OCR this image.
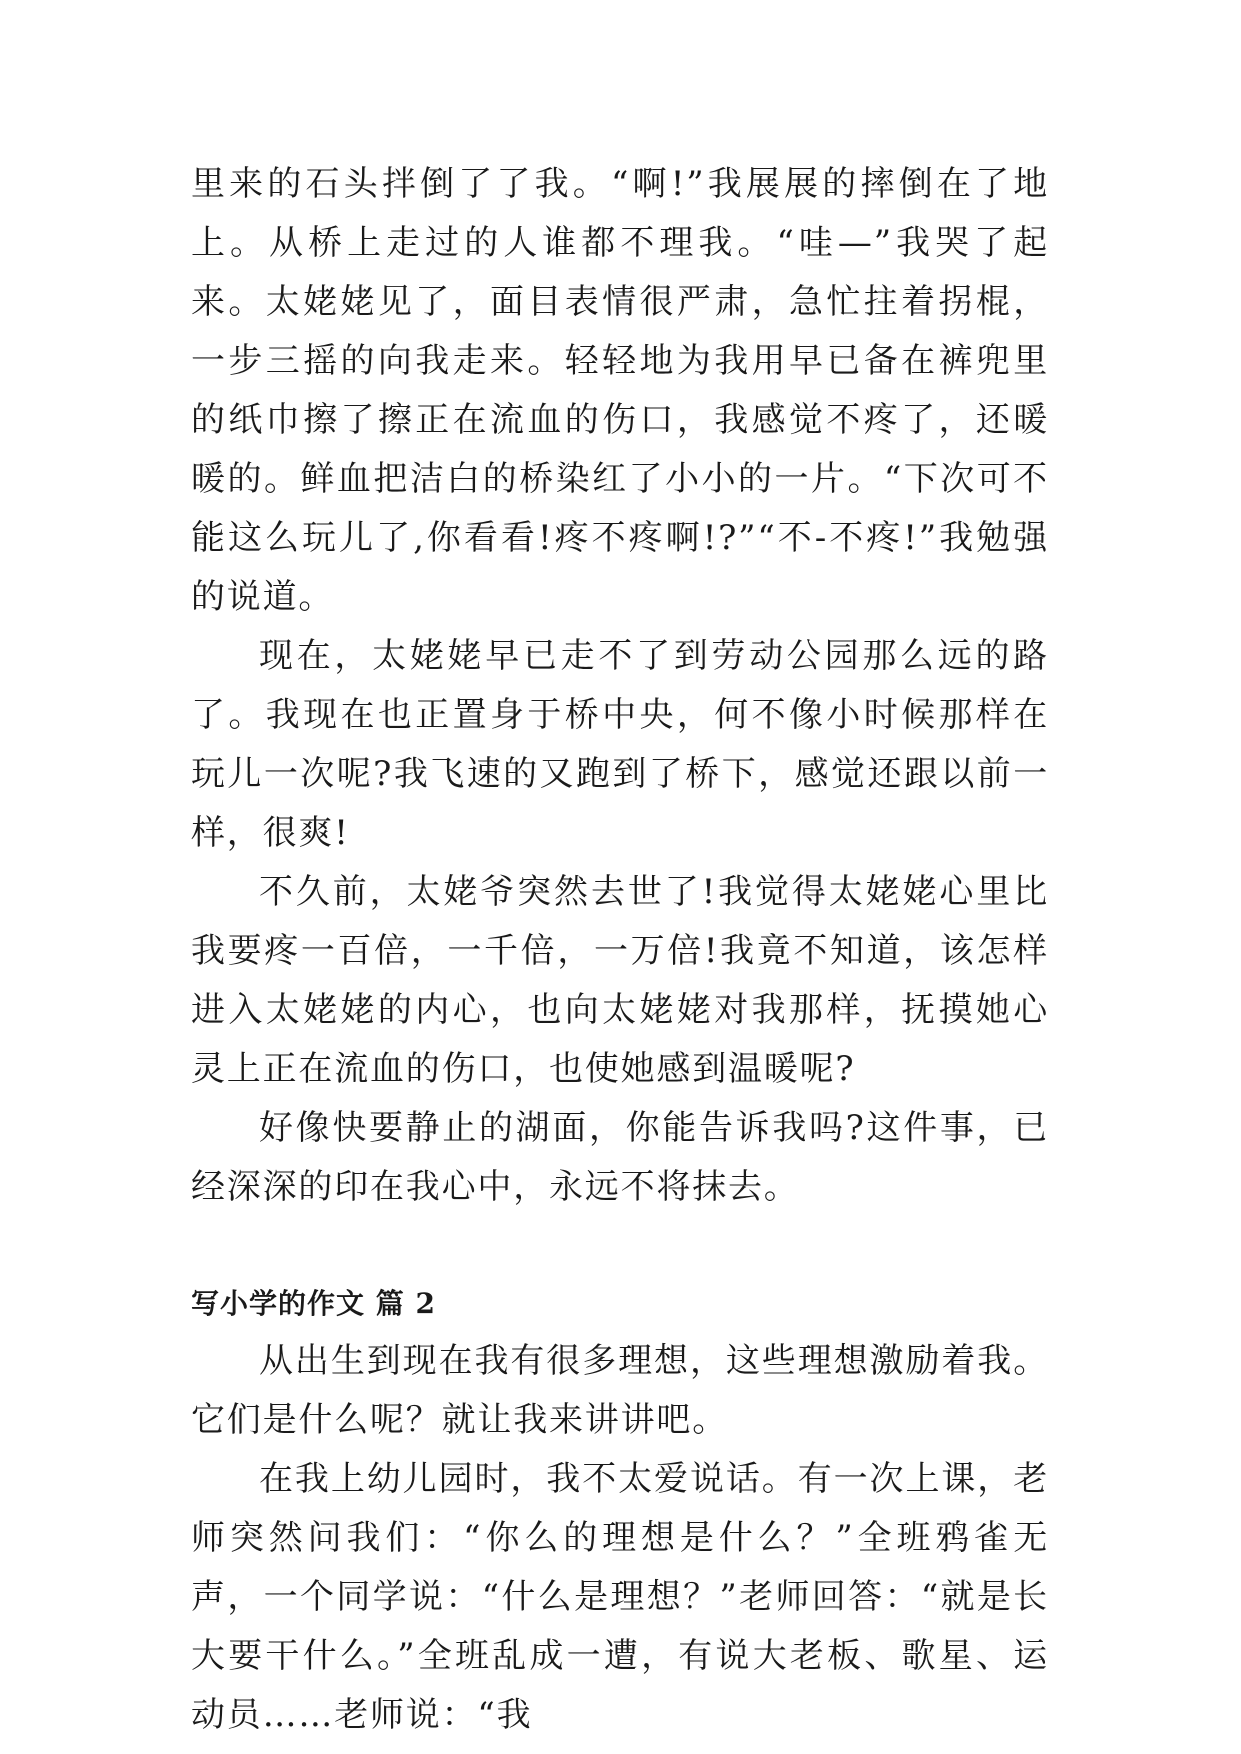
里来的石头拌倒了了我。“啊!”我展展的摔倒在了地上。从桥上走过的人谁都不理我。“哇—”我哭了起来。太姥姥见了，面目表情很严肃，急忙拄着拐棍，一步三摇的向我走来。轻轻地为我用早已备在裤兜里的纸巾擦了擦正在流血的伤口，我感觉不疼了，还暖暖的。鲜血把洁白的桥染红了小小的一片。“下次可不能这么玩儿了,你看看!疼不疼啊!?”“不-不疼!”我勉强的说道。

现在，太姥姥早已走不了到劳动公园那么远的路了。我现在也正置身于桥中央，何不像小时候那样在玩儿一次呢?我飞速的又跑到了桥下，感觉还跟以前一样，很爽!

不久前，太姥爷突然去世了!我觉得太姥姥心里比我要疼一百倍，一千倍，一万倍!我竟不知道，该怎样进入太姥姥的内心，也向太姥姥对我那样，抚摸她心灵上正在流血的伤口，也使她感到温暖呢?

好像快要静止的湖面，你能告诉我吗?这件事，已经深深的印在我心中，永远不将抹去。

写小学的作文 篇 2

从出生到现在我有很多理想，这些理想激励着我。它们是什么呢？就让我来讲讲吧。

在我上幼儿园时，我不太爱说话。有一次上课，老师突然问我们：“你么的理想是什么？”全班鸦雀无声，一个同学说：“什么是理想？”老师回答：“就是长大要干什么。”全班乱成一遭，有说大老板、歌星、运动员……老师说：“我
